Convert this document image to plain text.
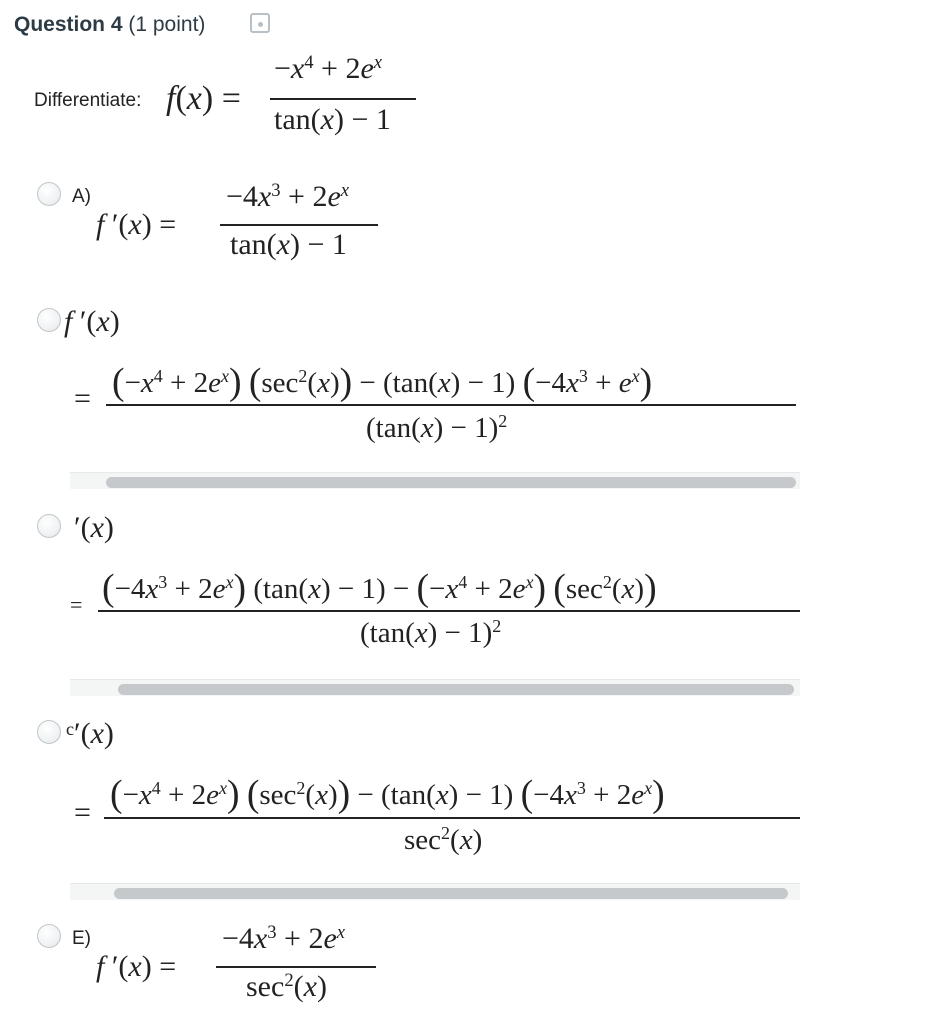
Question 4 (1 point)
Differentiate: f(x) =
$-x^4 + 2e^x$
tan(x) − 1
A)
f ′(x) =
$-4x^3 + 2e^x$
tan(x) − 1
f ′(x)
= $(-x^4 + 2e^x) (\sec^2(x)) - (\tan(x) - 1) (-4x^3 + e^x)$
$(\tan(x) - 1)^2$
′(x)
= $(-4x^3 + 2e^x) (\tan(x) - 1) - (-x^4 + 2e^x)$ $(\sec^2(x))$
$(\tan(x) - 1)^2$
$^c$′(x)
= $(-x^4 + 2e^x) (\sec^2(x)) - (\tan(x) - 1) (-4x^3 + 2e^x)$
$\sec^2(x)$
E)
f ′(x) =
$-4x^3 + 2e^x$
$\sec^2(x)$
